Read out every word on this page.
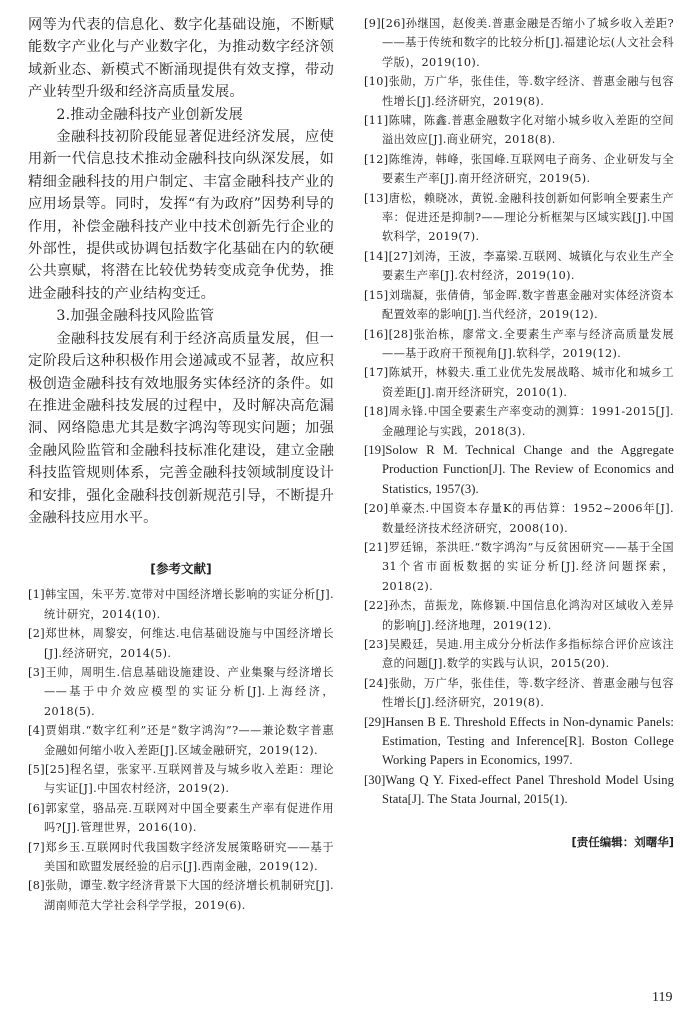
网等为代表的信息化、数字化基础设施，不断赋能数字产业化与产业数字化，为推动数字经济领域新业态、新模式不断涌现提供有效支撑，带动产业转型升级和经济高质量发展。

2.推动金融科技产业创新发展

金融科技初阶段能显著促进经济发展，应使用新一代信息技术推动金融科技向纵深发展，如精细金融科技的用户制定、丰富金融科技产业的应用场景等。同时，发挥“有为政府”因势利导的作用，补偿金融科技产业中技术创新先行企业的外部性，提供或协调包括数字化基础在内的软硬公共禀赋，将潜在比较优势转变成竞争优势，推进金融科技的产业结构变迁。

3.加强金融科技风险监管

金融科技发展有利于经济高质量发展，但一定阶段后这种积极作用会递减或不显著，故应积极创造金融科技有效地服务实体经济的条件。如在推进金融科技发展的过程中，及时解决高危漏洞、网络隐患尤其是数字鸿沟等现实问题；加强金融风险监管和金融科技标准化建设，建立金融科技监管规则体系，完善金融科技领域制度设计和安排，强化金融科技创新规范引导，不断提升金融科技应用水平。

[参考文献]

[1]韩宝国，朱平芳.宽带对中国经济增长影响的实证分析[J].统计研究，2014(10).

[2]郑世林，周黎安，何维达.电信基础设施与中国经济增长[J].经济研究，2014(5).

[3]王帅，周明生.信息基础设施建设、产业集聚与经济增长——基于中介效应模型的实证分析[J].上海经济，2018(5).

[4]贾娟琪.“数字红利”还是“数字鸿沟”?——兼论数字普惠金融如何缩小收入差距[J].区域金融研究，2019(12).

[5][25]程名望，张家平.互联网普及与城乡收入差距：理论与实证[J].中国农村经济，2019(2).

[6]郭家堂，骆品亮.互联网对中国全要素生产率有促进作用吗?[J].管理世界，2016(10).

[7]郑乡玉.互联网时代我国数字经济发展策略研究——基于美国和欧盟发展经验的启示[J].西南金融，2019(12).

[8]张勋，谭莹.数字经济背景下大国的经济增长机制研究[J].湖南师范大学社会科学学报，2019(6).

[9][26]孙继国，赵俊美.普惠金融是否缩小了城乡收入差距?——基于传统和数字的比较分析[J].福建论坛(人文社会科学版)，2019(10).

[10]张勋，万广华，张佳佳，等.数字经济、普惠金融与包容性增长[J].经济研究，2019(8).

[11]陈啸，陈鑫.普惠金融数字化对缩小城乡收入差距的空间溢出效应[J].商业研究，2018(8).

[12]陈维涛，韩峰，张国峰.互联网电子商务、企业研发与全要素生产率[J].南开经济研究，2019(5).

[13]唐松，赖晓冰，黄锐.金融科技创新如何影响全要素生产率：促进还是抑制?——理论分析框架与区域实践[J].中国软科学，2019(7).

[14][27]刘涛，王波，李嘉梁.互联网、城镇化与农业生产全要素生产率[J].农村经济，2019(10).

[15]刘瑞凝，张倩倩，邹金晖.数字普惠金融对实体经济资本配置效率的影响[J].当代经济，2019(12).

[16][28]张治栋，廖常文.全要素生产率与经济高质量发展——基于政府干预视角[J].软科学，2019(12).

[17]陈斌开，林毅夫.重工业优先发展战略、城市化和城乡工资差距[J].南开经济研究，2010(1).

[18]周永锋.中国全要素生产率变动的测算：1991-2015[J].金融理论与实践，2018(3).

[19]Solow R M. Technical Change and the Aggregate Production Function[J]. The Review of Economics and Statistics, 1957(3).

[20]单豪杰.中国资本存量K的再估算：1952~2006年[J].数量经济技术经济研究，2008(10).

[21]罗廷锦，茶洪旺.“数字鸿沟”与反贫困研究——基于全国31个省市面板数据的实证分析[J].经济问题探索，2018(2).

[22]孙杰，苗振龙，陈修颖.中国信息化鸿沟对区域收入差异的影响[J].经济地理，2019(12).

[23]吴殿廷，吴迪.用主成分分析法作多指标综合评价应该注意的问题[J].数学的实践与认识，2015(20).

[24]张勋，万广华，张佳佳，等.数字经济、普惠金融与包容性增长[J].经济研究，2019(8).

[29]Hansen B E. Threshold Effects in Non-dynamic Panels: Estimation, Testing and Inference[R]. Boston College Working Papers in Economics, 1997.

[30]Wang Q Y. Fixed-effect Panel Threshold Model Using Stata[J]. The Stata Journal, 2015(1).

[责任编辑：刘曙华]
119
